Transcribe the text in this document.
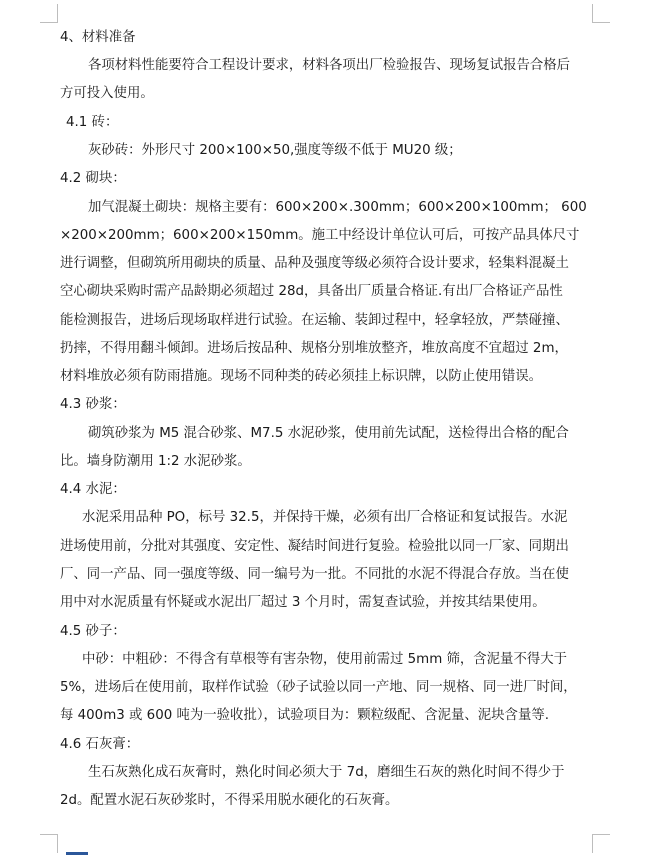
4、材料准备
各项材料性能要符合工程设计要求，材料各项出厂检验报告、现场复试报告合格后
方可投入使用。
4.1 砖：
灰砂砖：外形尺寸 200×100×50,强度等级不低于 MU20 级；
4.2 砌块：
加气混凝土砌块：规格主要有：600×200×.300mm；600×200×100mm； 600
×200×200mm；600×200×150mm。施工中经设计单位认可后，可按产品具体尺寸
进行调整，但砌筑所用砌块的质量、品种及强度等级必须符合设计要求，轻集料混凝土
空心砌块采购时需产品龄期必须超过 28d，具备出厂质量合格证.有出厂合格证产品性
能检测报告，进场后现场取样进行试验。在运输、装卸过程中，轻拿轻放，严禁碰撞、
扔摔，不得用翻斗倾卸。进场后按品种、规格分别堆放整齐，堆放高度不宜超过 2m，
材料堆放必须有防雨措施。现场不同种类的砖必须挂上标识牌，以防止使用错误。
4.3 砂浆：
砌筑砂浆为 M5 混合砂浆、M7.5 水泥砂浆，使用前先试配，送检得出合格的配合
比。墙身防潮用 1:2 水泥砂浆。
4.4 水泥：
水泥采用品种 PO，标号 32.5，并保持干燥，必须有出厂合格证和复试报告。水泥
进场使用前，分批对其强度、安定性、凝结时间进行复验。检验批以同一厂家、同期出
厂、同一产品、同一强度等级、同一编号为一批。不同批的水泥不得混合存放。当在使
用中对水泥质量有怀疑或水泥出厂超过 3 个月时，需复查试验，并按其结果使用。
4.5 砂子：
中砂：中粗砂：不得含有草根等有害杂物，使用前需过 5mm 筛，含泥量不得大于
5%，进场后在使用前，取样作试验（砂子试验以同一产地、同一规格、同一进厂时间，
每 400m3 或 600 吨为一验收批），试验项目为：颗粒级配、含泥量、泥块含量等.
4.6 石灰膏：
生石灰熟化成石灰膏时，熟化时间必须大于 7d，磨细生石灰的熟化时间不得少于
2d。配置水泥石灰砂浆时，不得采用脱水硬化的石灰膏。
